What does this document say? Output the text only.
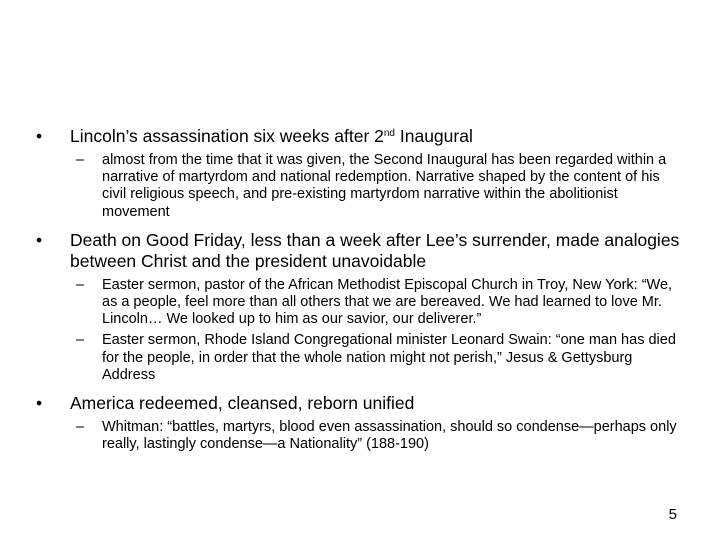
•	Lincoln’s assassination six weeks after 2nd Inaugural
– almost from the time that it was given, the Second Inaugural has been regarded within a narrative of martyrdom and national redemption. Narrative shaped by the content of his civil religious speech, and pre-existing martyrdom narrative within the abolitionist movement
•	Death on Good Friday, less than a week after Lee’s surrender, made analogies between Christ and the president unavoidable
– Easter sermon, pastor of the African Methodist Episcopal Church in Troy, New York: “We, as a people, feel more than all others that we are bereaved. We had learned to love Mr. Lincoln… We looked up to him as our savior, our deliverer.”
– Easter sermon, Rhode Island Congregational minister Leonard Swain: “one man has died for the people, in order that the whole nation might not perish,” Jesus & Gettysburg Address
•	America redeemed, cleansed, reborn unified
– Whitman: “battles, martyrs, blood even assassination, should so condense—perhaps only really, lastingly condense—a Nationality” (188-190)
5
